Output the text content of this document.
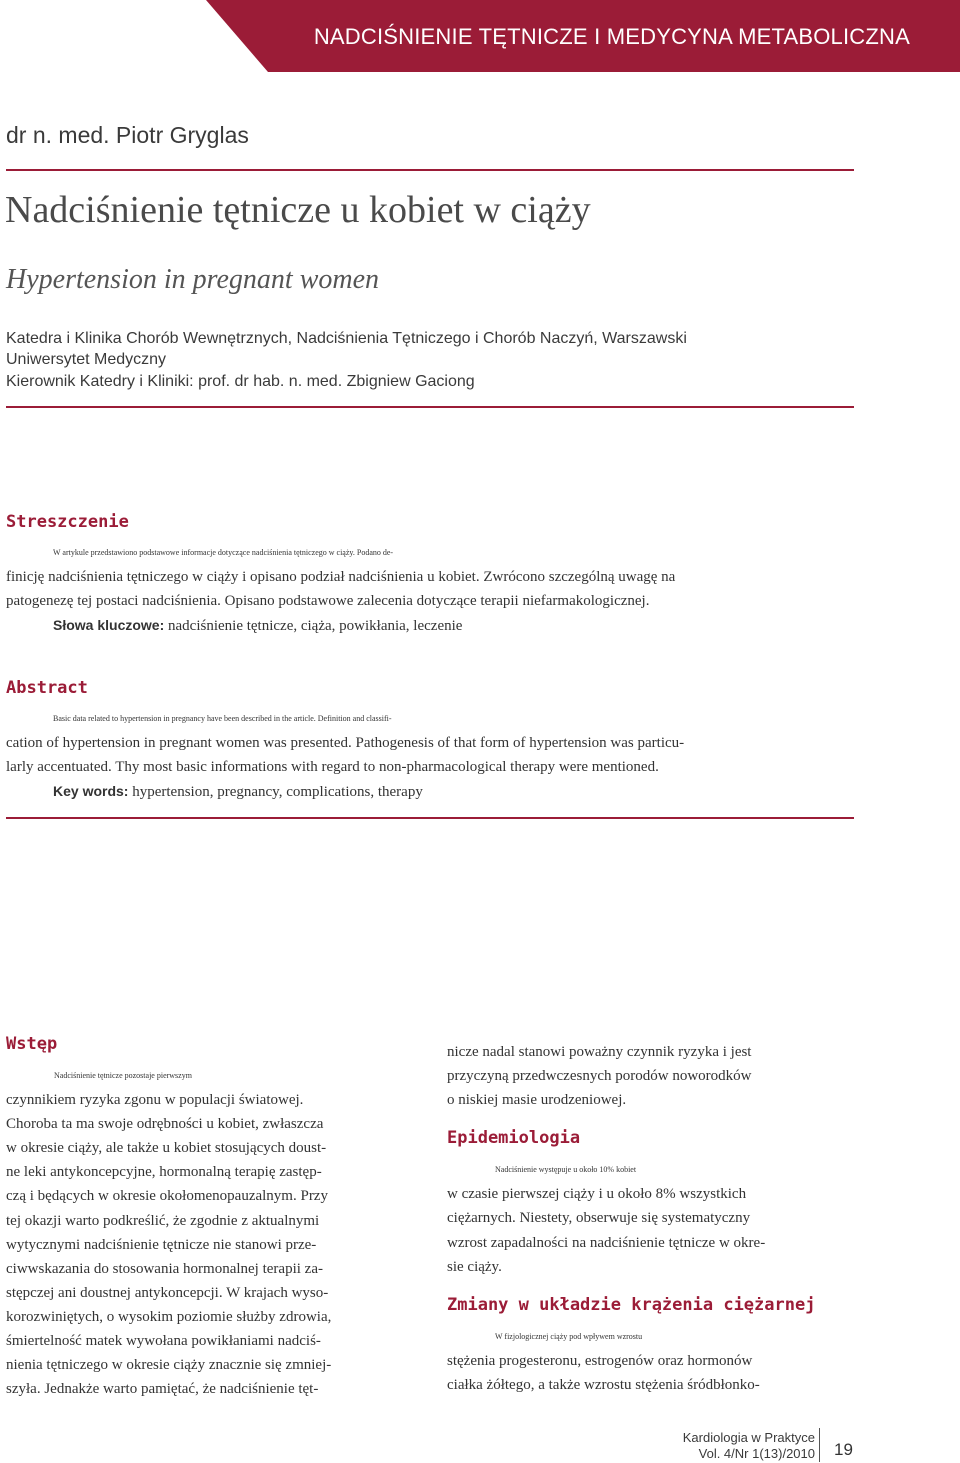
NADCIŚNIENIE TĘTNICZE I MEDYCYNA METABOLICZNA
dr n. med. Piotr Gryglas
Nadciśnienie tętnicze u kobiet w ciąży
Hypertension in pregnant women
Katedra i Klinika Chorób Wewnętrznych, Nadciśnienia Tętniczego i Chorób Naczyń, Warszawski
Uniwersytet Medyczny
Kierownik Katedry i Kliniki: prof. dr hab. n. med. Zbigniew Gaciong
Streszczenie
W artykule przedstawiono podstawowe informacje dotyczące nadciśnienia tętniczego w ciąży. Podano de-
finicję nadciśnienia tętniczego w ciąży i opisano podział nadciśnienia u kobiet. Zwrócono szczególną uwagę na
patogenezę tej postaci nadciśnienia. Opisano podstawowe zalecenia dotyczące terapii niefarmakologicznej.
Słowa kluczowe: nadciśnienie tętnicze, ciąża, powikłania, leczenie
Abstract
Basic data related to hypertension in pregnancy have been described in the article. Definition and classifi-
cation of hypertension in pregnant women was presented. Pathogenesis of that form of hypertension was particu-
larly accentuated. Thy most basic informations with regard to non-pharmacological therapy were mentioned.
Key words: hypertension, pregnancy, complications, therapy
Wstęp
Nadciśnienie tętnicze pozostaje pierwszym
czynnikiem ryzyka zgonu w populacji światowej.
Choroba ta ma swoje odrębności u kobiet, zwłaszcza
w okresie ciąży, ale także u kobiet stosujących doust-
ne leki antykoncepcyjne, hormonalną terapię zastęp-
czą i będących w okresie okołomenopauzalnym. Przy
tej okazji warto podkreślić, że zgodnie z aktualnymi
wytycznymi nadciśnienie tętnicze nie stanowi prze-
ciwwskazania do stosowania hormonalnej terapii za-
stępczej ani doustnej antykoncepcji. W krajach wyso-
korozwiniętych, o wysokim poziomie służby zdrowia,
śmiertelność matek wywołana powikłaniami nadciś-
nienia tętniczego w okresie ciąży znacznie się zmniej-
szyła. Jednakże warto pamiętać, że nadciśnienie tęt-
nicze nadal stanowi poważny czynnik ryzyka i jest
przyczyną przedwczesnych porodów noworodków
o niskiej masie urodzeniowej.
Epidemiologia
Nadciśnienie występuje u około 10% kobiet
w czasie pierwszej ciąży i u około 8% wszystkich
ciężarnych. Niestety, obserwuje się systematyczny
wzrost zapadalności na nadciśnienie tętnicze w okre-
sie ciąży.
Zmiany w układzie krążenia ciężarnej
W fizjologicznej ciąży pod wpływem wzrostu
stężenia progesteronu, estrogenów oraz hormonów
ciałka żółtego, a także wzrostu stężenia śródbłonko-
Kardiologia w Praktyce
Vol. 4/Nr 1(13)/2010 19
